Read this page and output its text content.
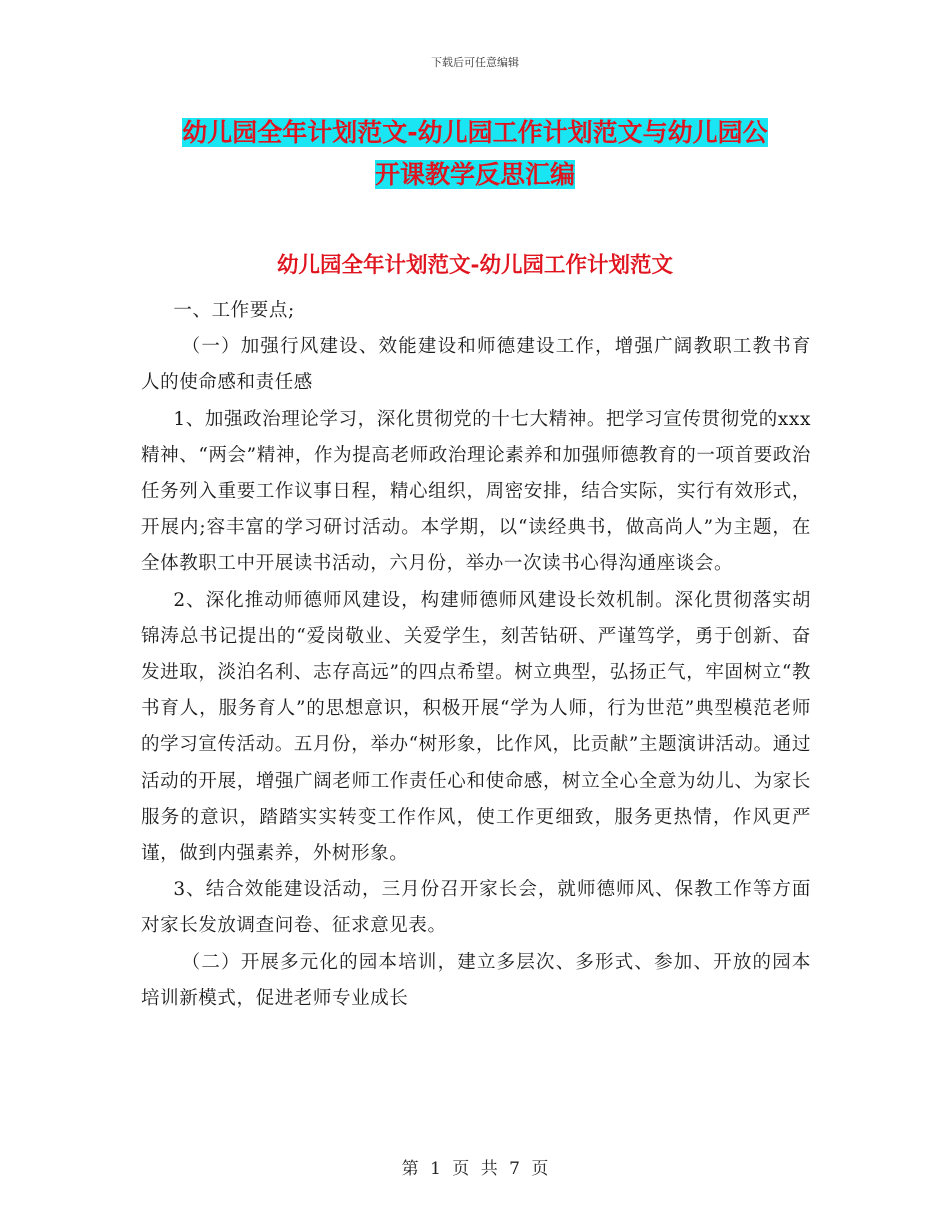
下载后可任意编辑
幼儿园全年计划范文-幼儿园工作计划范文与幼儿园公
开课教学反思汇编
幼儿园全年计划范文-幼儿园工作计划范文

一、工作要点;

（一）加强行风建设、效能建设和师德建设工作，增强广阔教职工教书育人的使命感和责任感

1、加强政治理论学习，深化贯彻党的十七大精神。把学习宣传贯彻党的xxx精神、“两会”精神，作为提高老师政治理论素养和加强师德教育的一项首要政治任务列入重要工作议事日程，精心组织，周密安排，结合实际，实行有效形式，开展内;容丰富的学习研讨活动。本学期，以“读经典书，做高尚人”为主题，在全体教职工中开展读书活动，六月份，举办一次读书心得沟通座谈会。

2、深化推动师德师风建设，构建师德师风建设长效机制。深化贯彻落实胡锦涛总书记提出的“爱岗敬业、关爱学生，刻苦钻研、严谨笃学，勇于创新、奋发进取，淡泊名利、志存高远”的四点希望。树立典型，弘扬正气，牢固树立“教书育人，服务育人”的思想意识，积极开展“学为人师，行为世范”典型模范老师的学习宣传活动。五月份，举办“树形象，比作风，比贡献”主题演讲活动。通过活动的开展，增强广阔老师工作责任心和使命感，树立全心全意为幼儿、为家长服务的意识，踏踏实实转变工作作风，使工作更细致，服务更热情，作风更严谨，做到内强素养，外树形象。

3、结合效能建设活动，三月份召开家长会，就师德师风、保教工作等方面对家长发放调查问卷、征求意见表。

（二）开展多元化的园本培训，建立多层次、多形式、参加、开放的园本培训新模式，促进老师专业成长

第 1 页 共 7 页
